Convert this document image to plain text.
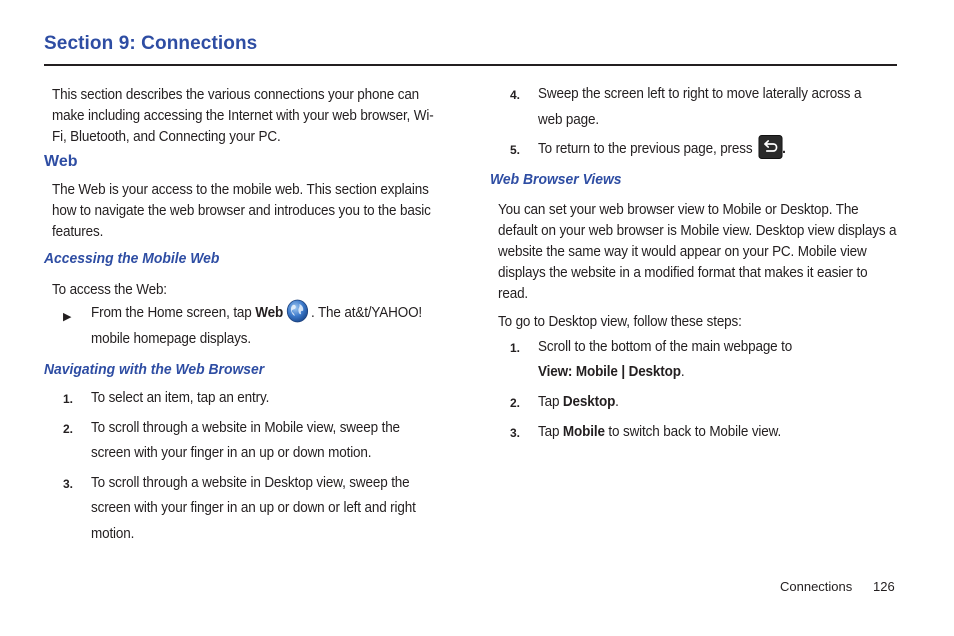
Section 9: Connections

This section describes the various connections your phone can make including accessing the Internet with your web browser, Wi-Fi, Bluetooth, and Connecting your PC.

Web

The Web is your access to the mobile web. This section explains how to navigate the web browser and introduces you to the basic features.

Accessing the Mobile Web

To access the Web:

▶ From the Home screen, tap Web . The at&t/YAHOO!
mobile homepage displays.
Navigating with the Web Browser
1. To select an item, tap an entry.
2. To scroll through a website in Mobile view, sweep the
screen with your finger in an up or down motion.
3. To scroll through a website in Desktop view, sweep the
screen with your finger in an up or down or left and right
motion.
4. Sweep the screen left to right to move laterally across a
web page.
5. To return to the previous page, press .
Web Browser Views

You can set your web browser view to Mobile or Desktop. The default on your web browser is Mobile view. Desktop view displays a website the same way it would appear on your PC. Mobile view displays the website in a modified format that makes it easier to read.

To go to Desktop view, follow these steps:

1. Scroll to the bottom of the main webpage to
View: Mobile | Desktop.
2. Tap Desktop.
3. Tap Mobile to switch back to Mobile view.
Connections 126
